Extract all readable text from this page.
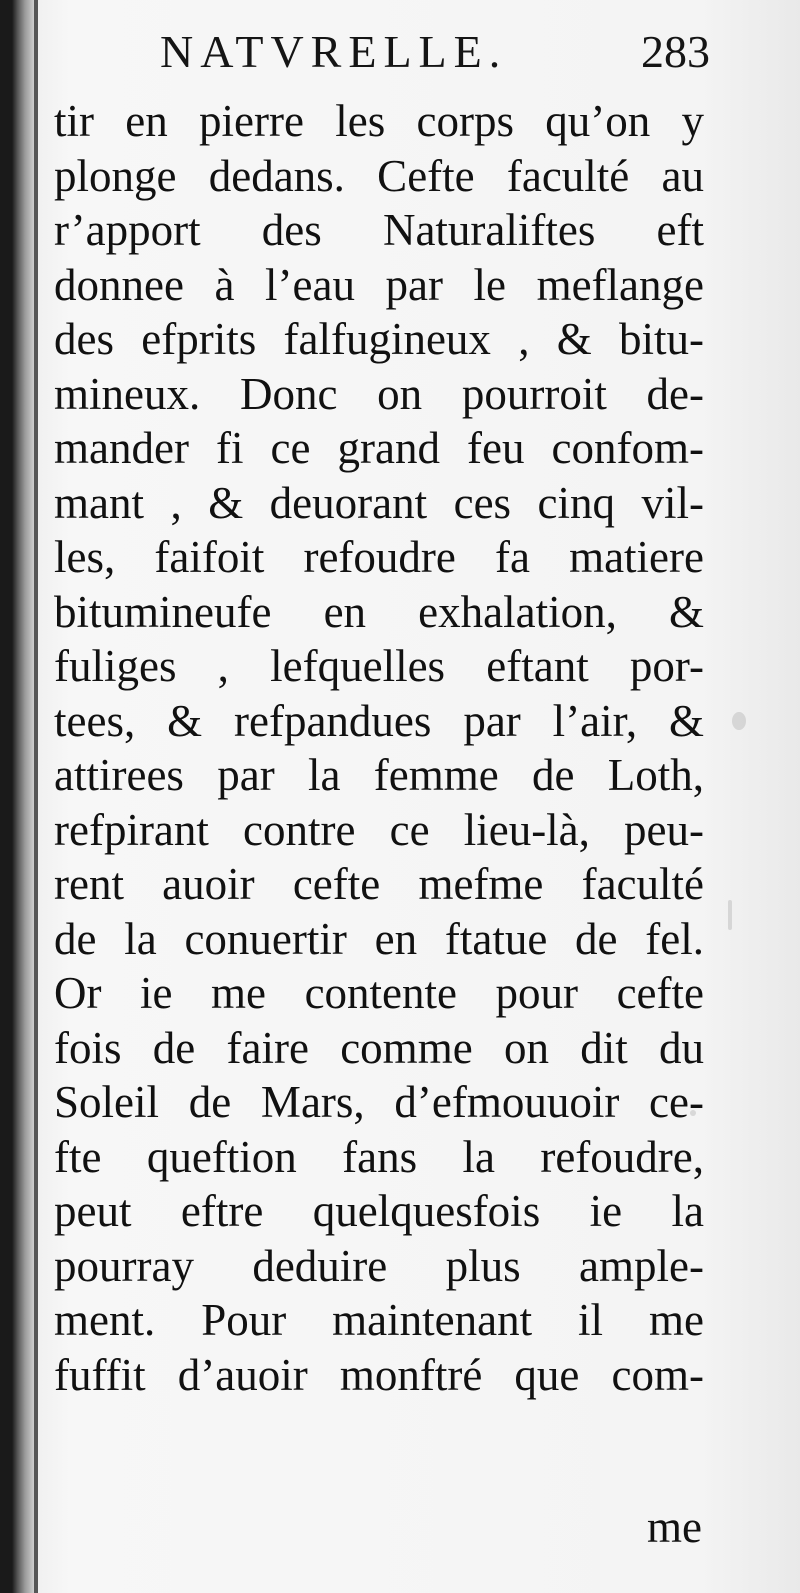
NATVRELLE.	283
tir en pierre les corps qu’on y
plonge dedans. Cefte faculté au
r’apport des Naturaliftes eft
donnee à l’eau par le meflange
des efprits falfugineux , & bitu-
mineux. Donc on pourroit de-
mander fi ce grand feu confom-
mant , & deuorant ces cinq vil-
les, faifoit refoudre fa matiere
bitumineufe en exhalation, &
fuliges , lefquelles eftant por-
tees, & refpandues par l’air, &
attirees par la femme de Loth,
refpirant contre ce lieu-là, peu-
rent auoir cefte mefme faculté
de la conuertir en ftatue de fel.
Or ie me contente pour cefte
fois de faire comme on dit du
Soleil de Mars, d’efmouuoir ce-
fte queftion fans la refoudre,
peut eftre quelquesfois ie la
pourray deduire plus ample-
ment. Pour maintenant il me
fuffit d’auoir monftré que com-
me
